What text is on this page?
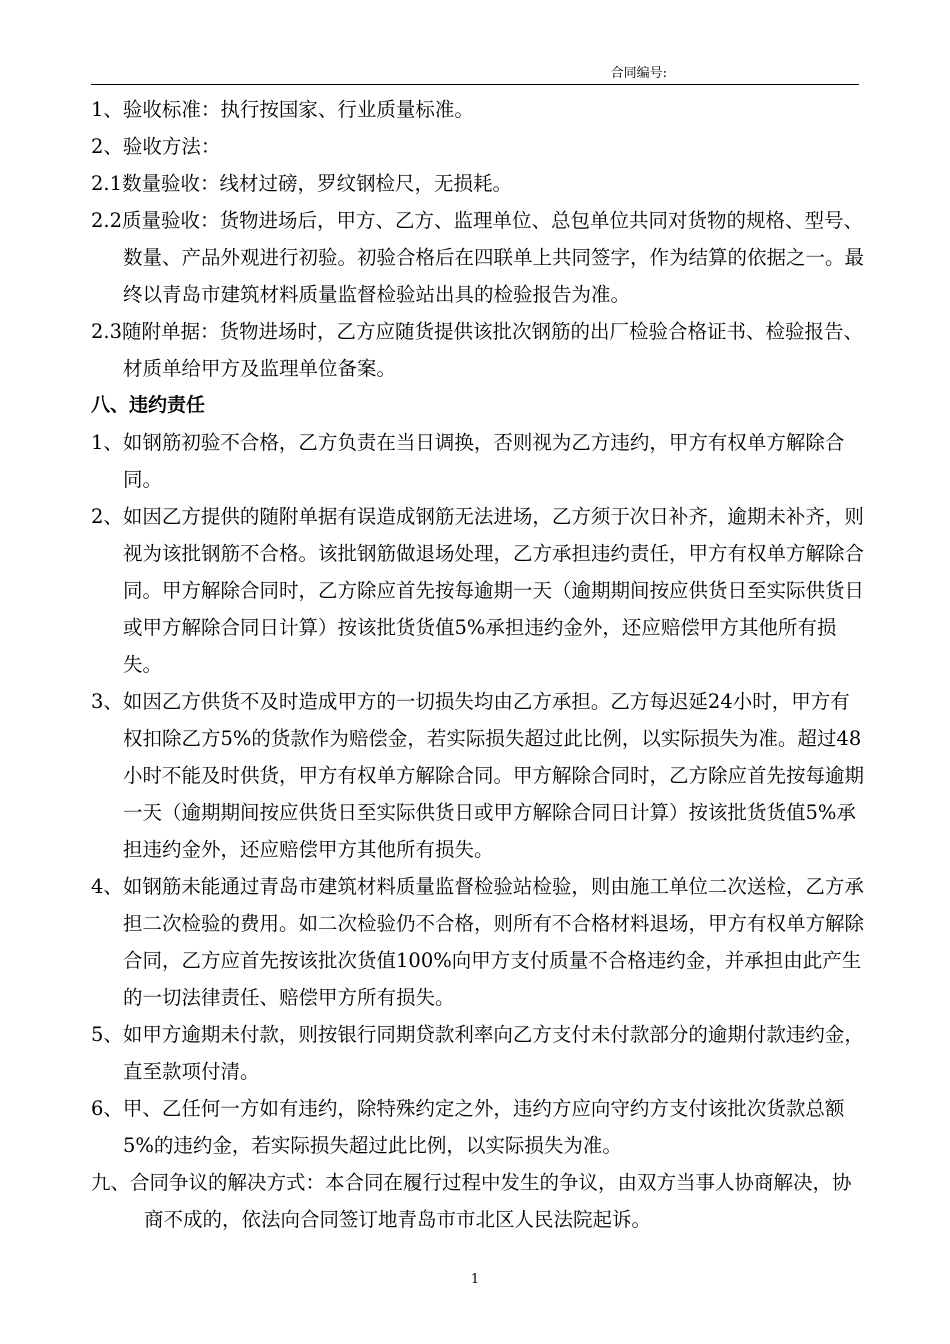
合同编号:

1、验收标准：执行按国家、行业质量标准。

2、验收方法：

2.1数量验收：线材过磅，罗纹钢检尺，无损耗。

2.2质量验收：货物进场后，甲方、乙方、监理单位、总包单位共同对货物的规格、型号、数量、产品外观进行初验。初验合格后在四联单上共同签字，作为结算的依据之一。最终以青岛市建筑材料质量监督检验站出具的检验报告为准。

2.3随附单据：货物进场时，乙方应随货提供该批次钢筋的出厂检验合格证书、检验报告、材质单给甲方及监理单位备案。

八、违约责任

1、如钢筋初验不合格，乙方负责在当日调换，否则视为乙方违约，甲方有权单方解除合同。

2、如因乙方提供的随附单据有误造成钢筋无法进场，乙方须于次日补齐，逾期未补齐，则视为该批钢筋不合格。该批钢筋做退场处理，乙方承担违约责任，甲方有权单方解除合同。甲方解除合同时，乙方除应首先按每逾期一天（逾期期间按应供货日至实际供货日或甲方解除合同日计算）按该批货货值5%承担违约金外，还应赔偿甲方其他所有损失。

3、如因乙方供货不及时造成甲方的一切损失均由乙方承担。乙方每迟延24小时，甲方有权扣除乙方5%的货款作为赔偿金，若实际损失超过此比例，以实际损失为准。超过48小时不能及时供货，甲方有权单方解除合同。甲方解除合同时，乙方除应首先按每逾期一天（逾期期间按应供货日至实际供货日或甲方解除合同日计算）按该批货货值5%承担违约金外，还应赔偿甲方其他所有损失。

4、如钢筋未能通过青岛市建筑材料质量监督检验站检验，则由施工单位二次送检，乙方承担二次检验的费用。如二次检验仍不合格，则所有不合格材料退场，甲方有权单方解除合同，乙方应首先按该批次货值100%向甲方支付质量不合格违约金，并承担由此产生的一切法律责任、赔偿甲方所有损失。

5、如甲方逾期未付款，则按银行同期贷款利率向乙方支付未付款部分的逾期付款违约金，直至款项付清。

6、甲、乙任何一方如有违约，除特殊约定之外，违约方应向守约方支付该批次货款总额5%的违约金，若实际损失超过此比例，以实际损失为准。

九、合同争议的解决方式：本合同在履行过程中发生的争议，由双方当事人协商解决，协商不成的，依法向合同签订地青岛市市北区人民法院起诉。

1
